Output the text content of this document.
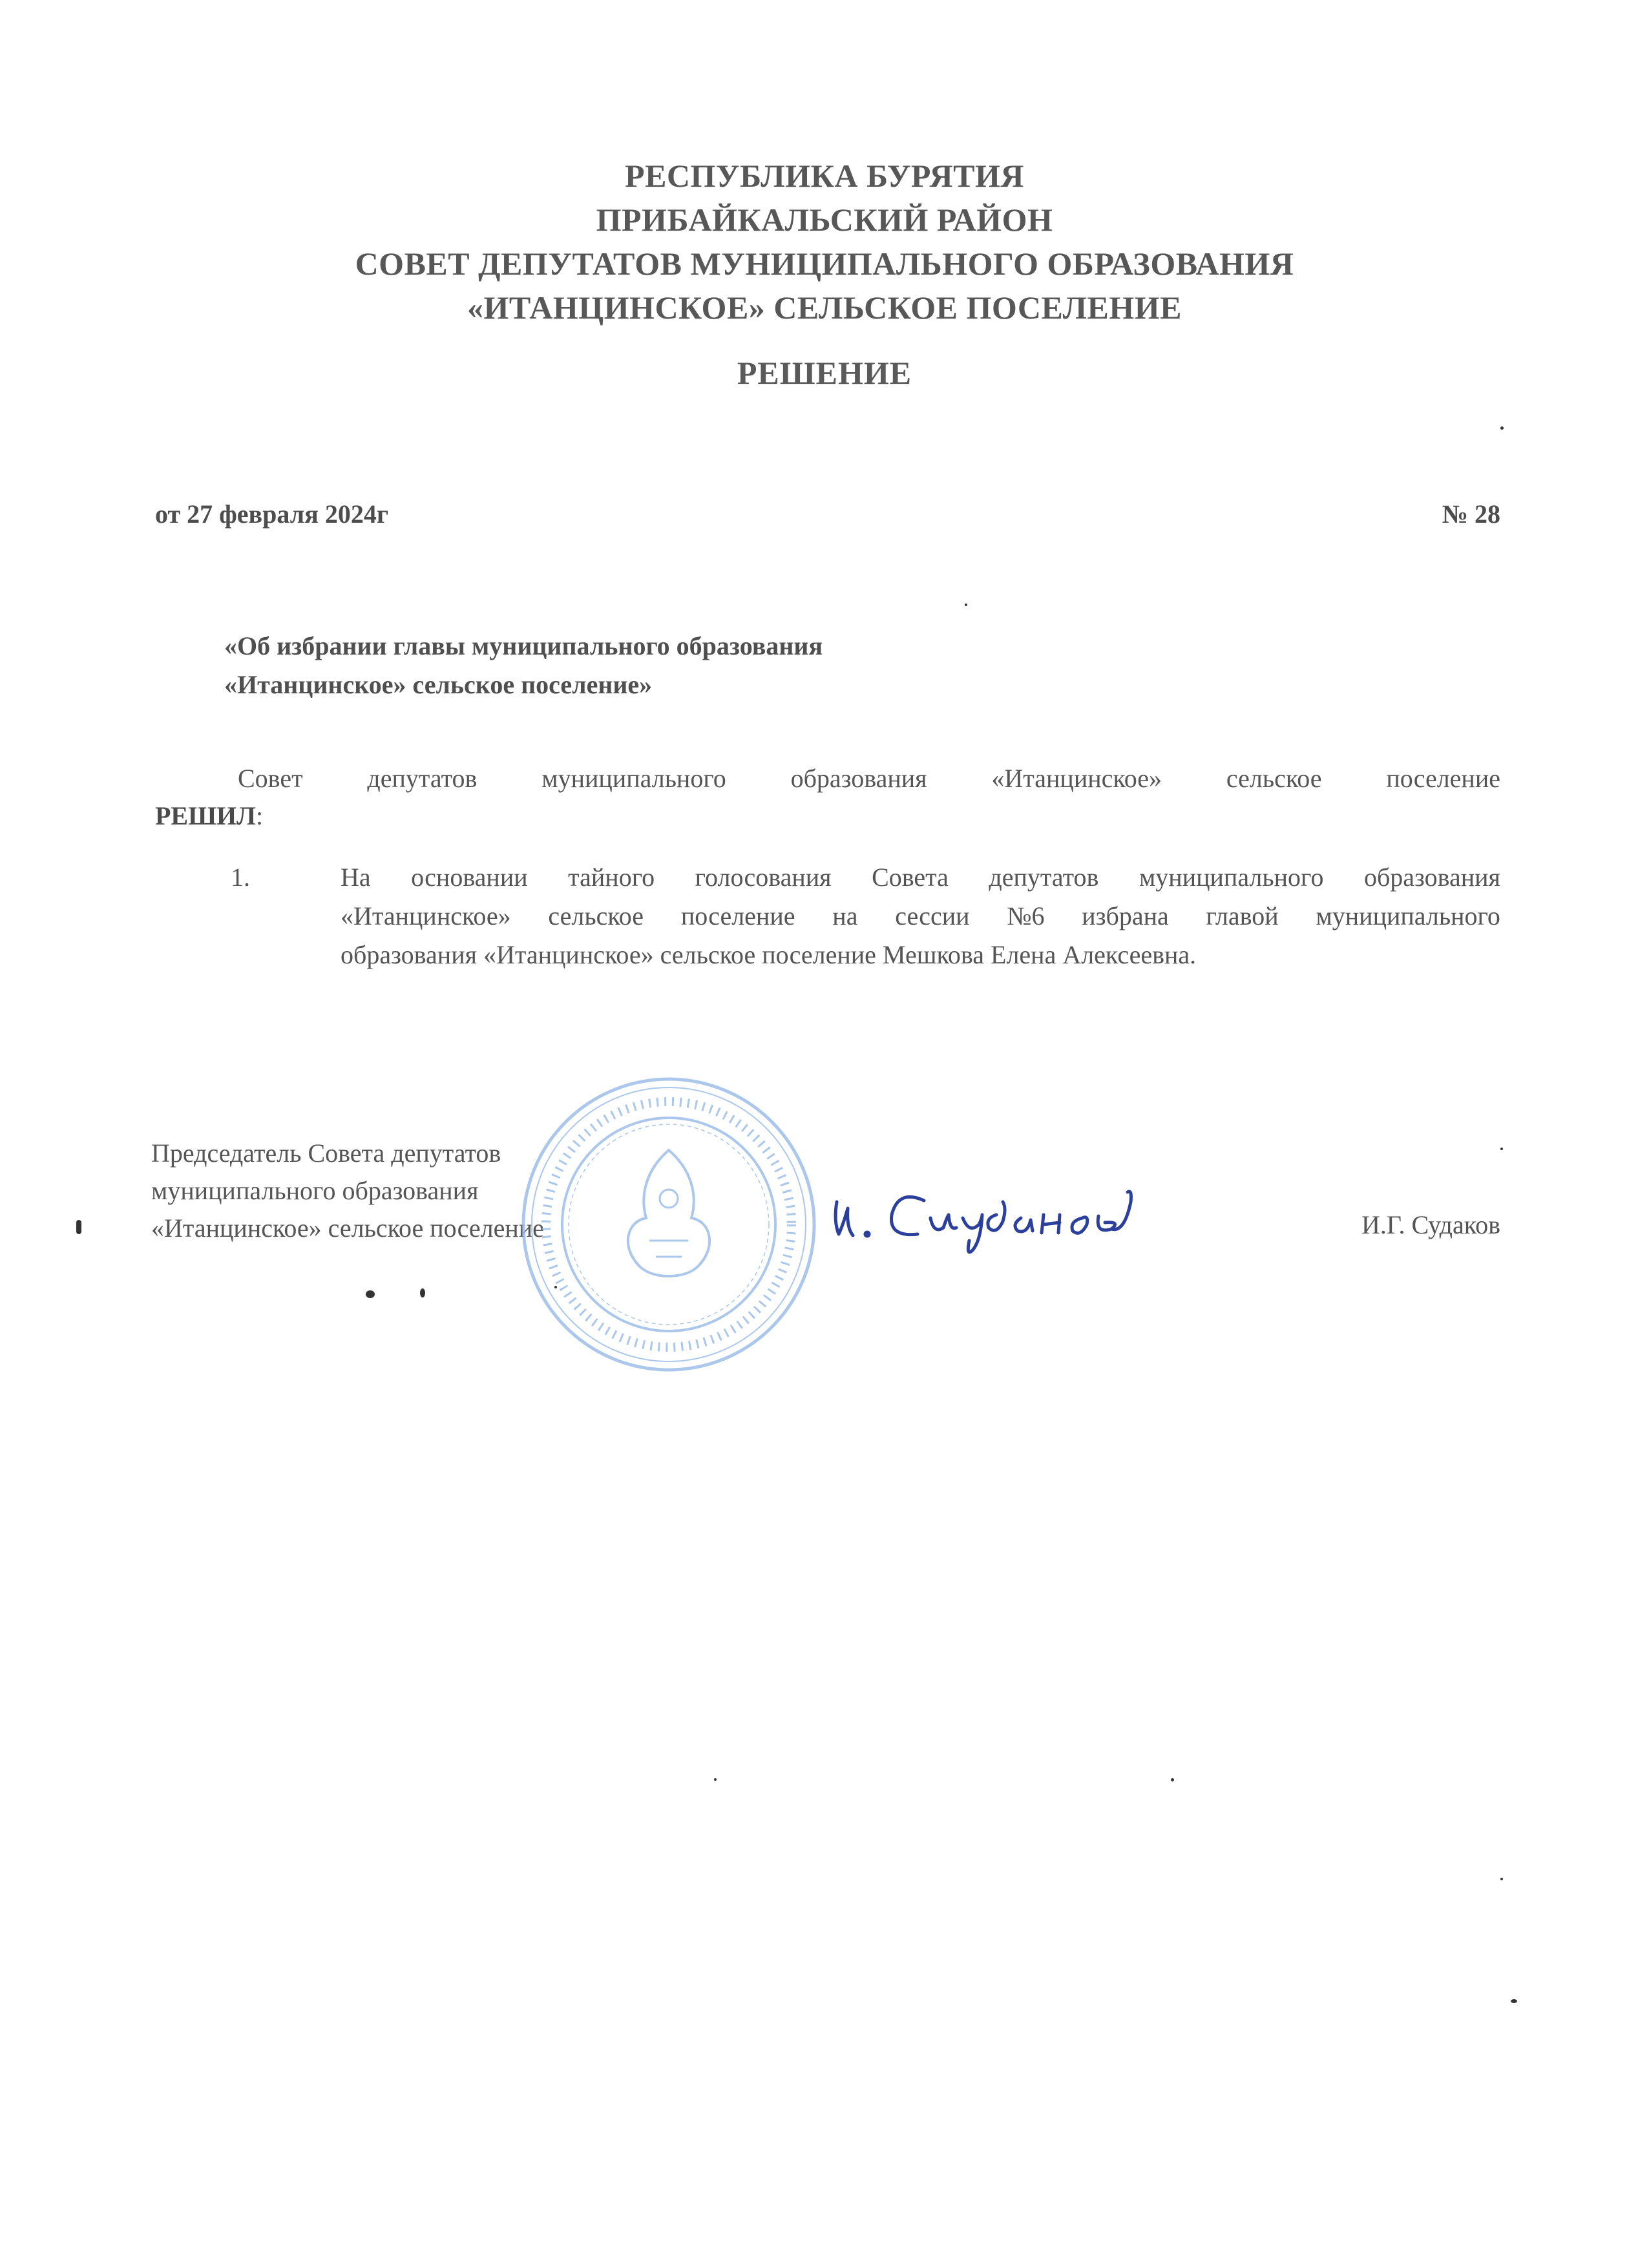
РЕСПУБЛИКА БУРЯТИЯ
ПРИБАЙКАЛЬСКИЙ РАЙОН
СОВЕТ ДЕПУТАТОВ МУНИЦИПАЛЬНОГО ОБРАЗОВАНИЯ
«ИТАНЦИНСКОЕ» СЕЛЬСКОЕ ПОСЕЛЕНИЕ
РЕШЕНИЕ
от 27 февраля 2024г	№ 28
«Об избрании главы муниципального образования
«Итанцинское» сельское поселение»
Совет депутатов муниципального образования «Итанцинское» сельское поселение
РЕШИЛ:
1.	На основании тайного голосования Совета депутатов муниципального образования
«Итанцинское» сельское поселение на сессии №6 избрана главой муниципального
образования «Итанцинское» сельское поселение Мешкова Елена Алексеевна.
Председатель Совета депутатов
муниципального образования
«Итанцинское» сельское поселение	И.Г. Судаков
